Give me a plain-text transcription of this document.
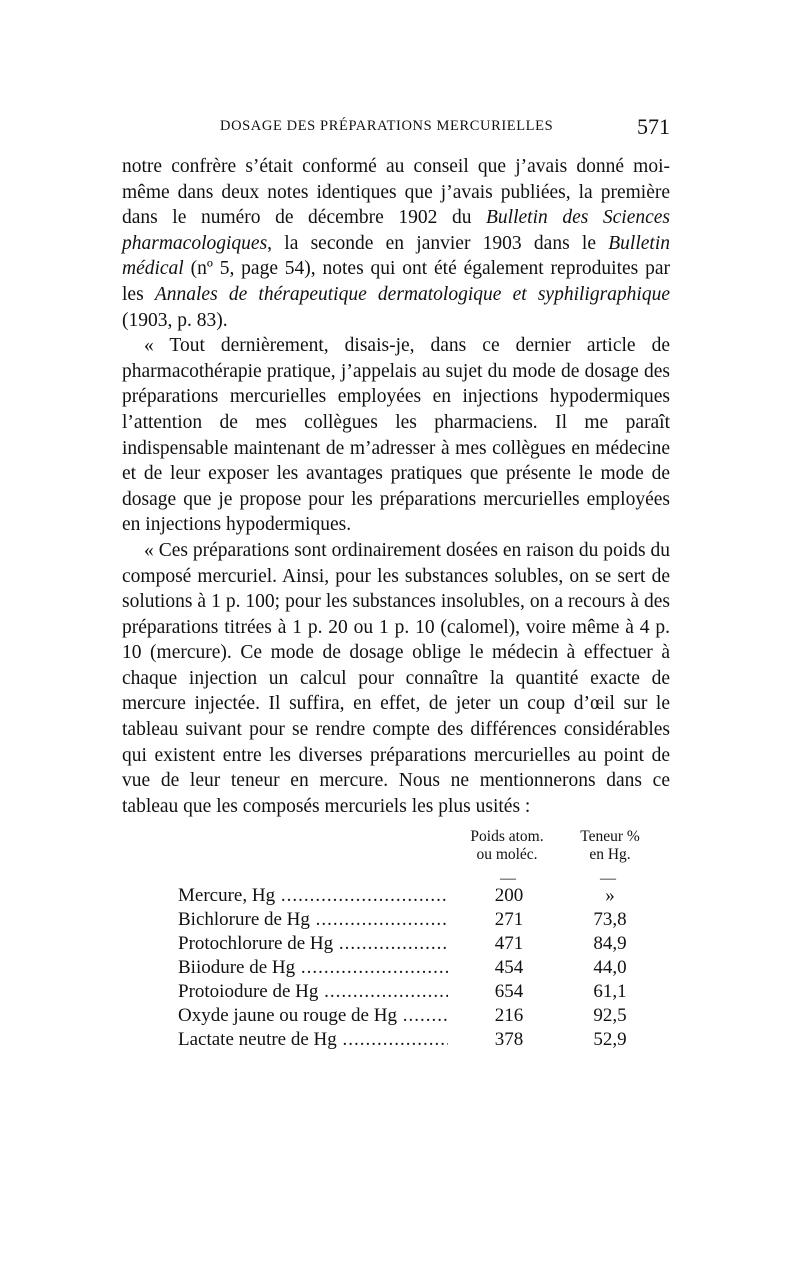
DOSAGE DES PRÉPARATIONS MERCURIELLES	571

notre confrère s’était conformé au conseil que j’avais donné moi-même dans deux notes identiques que j’avais publiées, la première dans le numéro de décembre 1902 du Bulletin des Sciences pharmacologiques, la seconde en janvier 1903 dans le Bulletin médical (nº 5, page 54), notes qui ont été également reproduites par les Annales de thérapeutique dermatologique et syphiligraphique (1903, p. 83).

« Tout dernièrement, disais-je, dans ce dernier article de pharmacothérapie pratique, j’appelais au sujet du mode de dosage des préparations mercurielles employées en injections hypodermiques l’attention de mes collègues les pharmaciens. Il me paraît indispensable maintenant de m’adresser à mes collègues en médecine et de leur exposer les avantages pratiques que présente le mode de dosage que je propose pour les préparations mercurielles employées en injections hypodermiques.

« Ces préparations sont ordinairement dosées en raison du poids du composé mercuriel. Ainsi, pour les substances solubles, on se sert de solutions à 1 p. 100; pour les substances insolubles, on a recours à des préparations titrées à 1 p. 20 ou 1 p. 10 (calomel), voire même à 4 p. 10 (mercure). Ce mode de dosage oblige le médecin à effectuer à chaque injection un calcul pour connaître la quantité exacte de mercure injectée. Il suffira, en effet, de jeter un coup d’œil sur le tableau suivant pour se rendre compte des différences considérables qui existent entre les diverses préparations mercurielles au point de vue de leur teneur en mercure. Nous ne mentionnerons dans ce tableau que les composés mercuriels les plus usités :

Poids atom.
ou moléc.
Teneur %
en Hg.
—	—
Mercure, Hg .....	200	»
Bichlorure de Hg .....	271	73,8
Protochlorure de Hg .....	471	84,9
Biiodure de Hg .....	454	44,0
Protoiodure de Hg .....	654	61,1
Oxyde jaune ou rouge de Hg .....	216	92,5
Lactate neutre de Hg .....	378	52,9
